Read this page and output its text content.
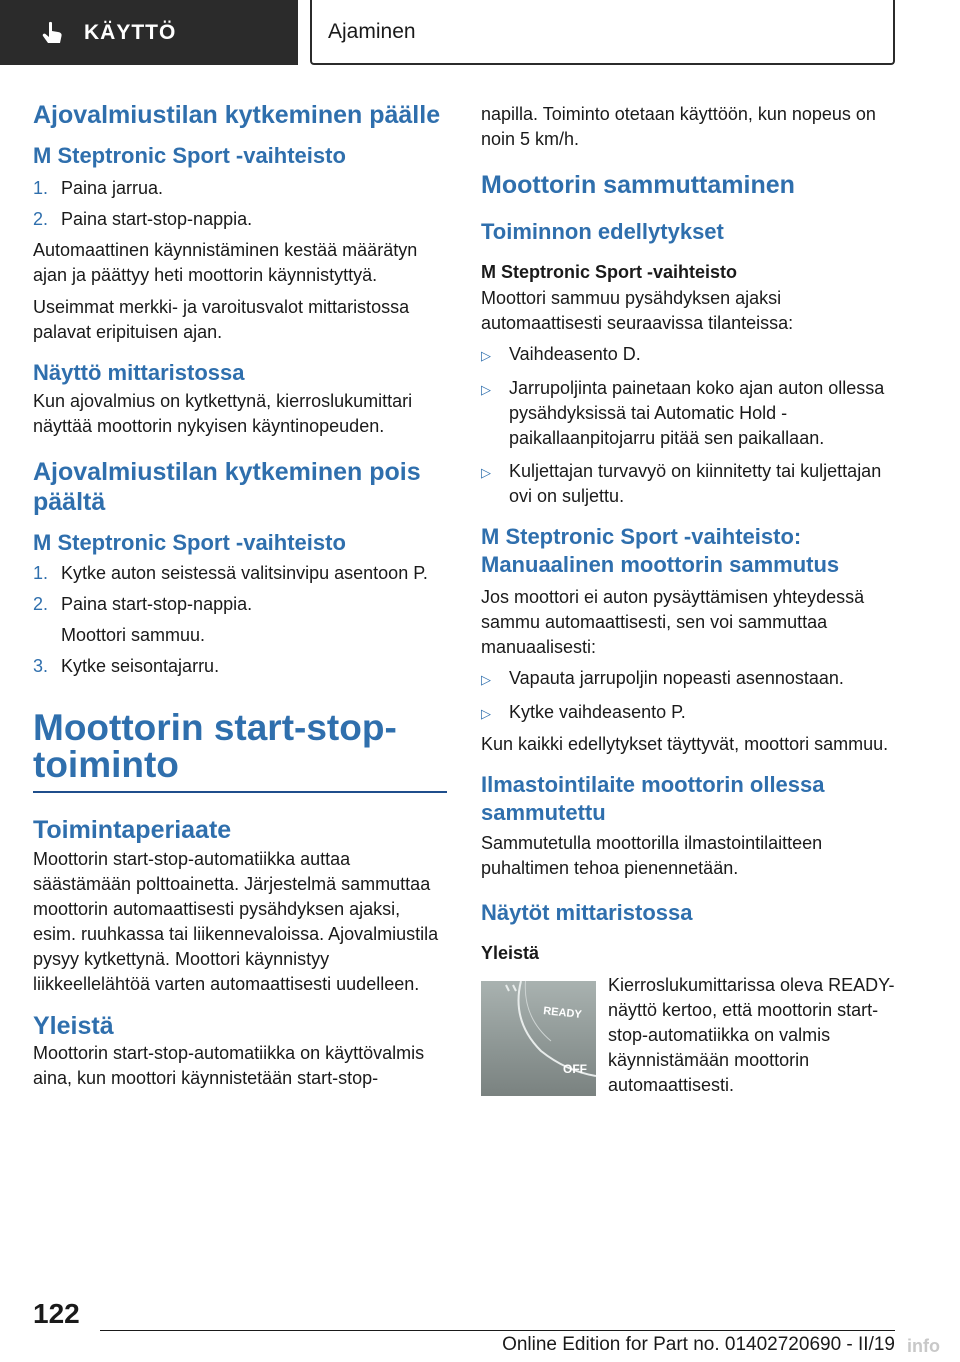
KÄYTTÖ	Ajaminen
Ajovalmiustilan kytkeminen päälle
M Steptronic Sport -vaihteisto
1. Paina jarrua.
2. Paina start-stop-nappia.

Automaattinen käynnistäminen kestää määrätyn ajan ja päättyy heti moottorin käynnistyttyä.

Useimmat merkki- ja varoitusvalot mittaristossa palavat eripituisen ajan.

Näyttö mittaristossa

Kun ajovalmius on kytkettynä, kierroslukumittari näyttää moottorin nykyisen käyntinopeuden.

Ajovalmiustilan kytkeminen pois päältä
M Steptronic Sport -vaihteisto
1. Kytke auton seistessä valitsinvipu asentoon P.
2. Paina start-stop-nappia.

Moottori sammuu.

3. Kytke seisontajarru.
Moottorin start-stop-toiminto
Toimintaperiaate

Moottorin start-stop-automatiikka auttaa säästämään polttoainetta. Järjestelmä sammuttaa moottorin automaattisesti pysähdyksen ajaksi, esim. ruuhkassa tai liikennevaloissa. Ajovalmiustila pysyy kytkettynä. Moottori käynnistyy liikkeellelähtöä varten automaattisesti uudelleen.

Yleistä

Moottorin start-stop-automatiikka on käyttövalmis aina, kun moottori käynnistetään start-stop-

napilla. Toiminto otetaan käyttöön, kun nopeus on noin 5 km/h.

Moottorin sammuttaminen
Toiminnon edellytykset
M Steptronic Sport -vaihteisto

Moottori sammuu pysähdyksen ajaksi automaattisesti seuraavissa tilanteissa:

▷	Vaihdeasento D.
▷	Jarrupoljinta painetaan koko ajan auton ollessa pysähdyksissä tai Automatic Hold -paikallaanpitojarru pitää sen paikallaan.
▷	Kuljettajan turvavyö on kiinnitetty tai kuljettajan ovi on suljettu.
M Steptronic Sport -vaihteisto: Manuaalinen moottorin sammutus

Jos moottori ei auton pysäyttämisen yhteydessä sammu automaattisesti, sen voi sammuttaa manuaalisesti:

▷	Vapauta jarrupoljin nopeasti asennostaan.
▷	Kytke vaihdeasento P.

Kun kaikki edellytykset täyttyvät, moottori sammuu.

Ilmastointilaite moottorin ollessa sammutettu

Sammutetulla moottorilla ilmastointilaitteen puhaltimen tehoa pienennetään.

Näytöt mittaristossa
Yleistä
READY
OFF

Kierroslukumittarissa oleva READY-näyttö kertoo, että moottorin start-stop-automatiikka on valmis käynnistämään moottorin automaattisesti.

122
Online Edition for Part no. 01402720690 - II/19 info
